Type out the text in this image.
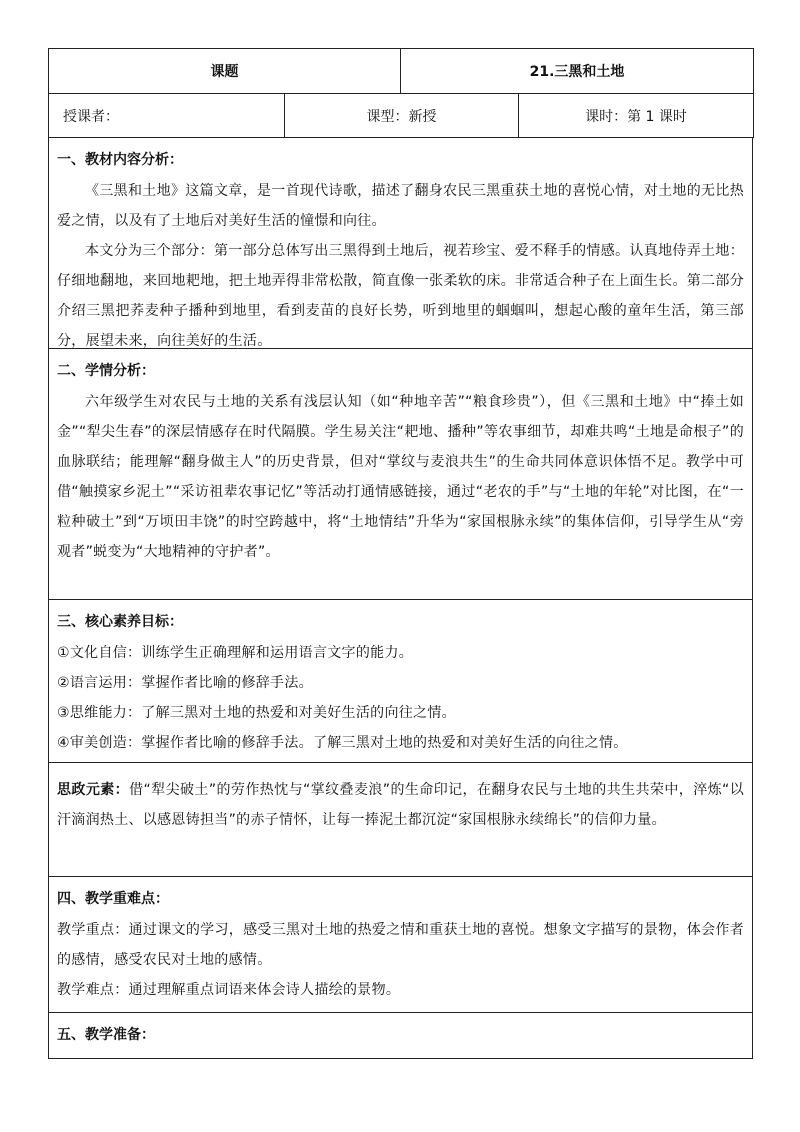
课题		21.三黑和土地	
授课者：	课型：新授		课时：第 1 课时
一、教材内容分析：

《三黑和土地》这篇文章，是一首现代诗歌，描述了翻身农民三黑重获土地的喜悦心情，对土地的无比热爱之情，以及有了土地后对美好生活的憧憬和向往。

本文分为三个部分：第一部分总体写出三黑得到土地后，视若珍宝、爱不释手的情感。认真地侍弄土地：仔细地翻地，来回地耙地，把土地弄得非常松散，简直像一张柔软的床。非常适合种子在上面生长。第二部分介绍三黑把荞麦种子播种到地里，看到麦苗的良好长势，听到地里的蝈蝈叫，想起心酸的童年生活，第三部分，展望未来，向往美好的生活。

二、学情分析：

六年级学生对农民与土地的关系有浅层认知（如“种地辛苦”“粮食珍贵”），但《三黑和土地》中“捧土如金”“犁尖生春”的深层情感存在时代隔膜。学生易关注“耙地、播种”等农事细节，却难共鸣“土地是命根子”的血脉联结；能理解“翻身做主人”的历史背景，但对“掌纹与麦浪共生”的生命共同体意识体悟不足。教学中可借“触摸家乡泥土”“采访祖辈农事记忆”等活动打通情感链接，通过“老农的手”与“土地的年轮”对比图，在“一粒种破土”到“万顷田丰饶”的时空跨越中，将“土地情结”升华为“家国根脉永续”的集体信仰，引导学生从“旁观者”蜕变为“大地精神的守护者”。

三、核心素养目标：

①文化自信：训练学生正确理解和运用语言文字的能力。

②语言运用：掌握作者比喻的修辞手法。

③思维能力：了解三黑对土地的热爱和对美好生活的向往之情。

④审美创造：掌握作者比喻的修辞手法。了解三黑对土地的热爱和对美好生活的向往之情。

思政元素：借“犁尖破土”的劳作热忱与“掌纹叠麦浪”的生命印记，在翻身农民与土地的共生共荣中，淬炼“以汗滴润热土、以感恩铸担当”的赤子情怀，让每一捧泥土都沉淀“家国根脉永续绵长”的信仰力量。

四、教学重难点：

教学重点：通过课文的学习，感受三黑对土地的热爱之情和重获土地的喜悦。想象文字描写的景物，体会作者的感情，感受农民对土地的感情。

教学难点：通过理解重点词语来体会诗人描绘的景物。

五、教学准备：
